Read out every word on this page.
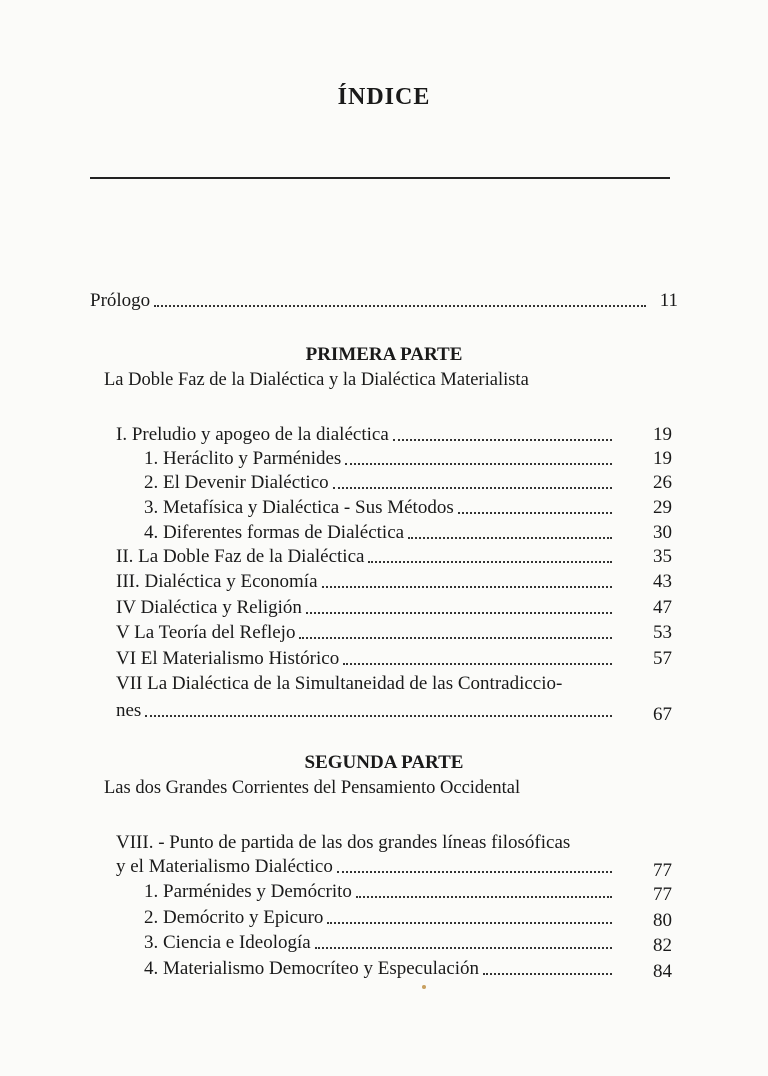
ÍNDICE
Prólogo	11
PRIMERA PARTE
La Doble Faz de la Dialéctica y la Dialéctica Materialista
I. Preludio y apogeo de la dialéctica	19
1. Heráclito y Parménides	19
2. El Devenir Dialéctico	26
3. Metafísica y Dialéctica - Sus Métodos	29
4. Diferentes formas de Dialéctica	30
II. La Doble Faz de la Dialéctica	35
III. Dialéctica y Economía	43
IV Dialéctica y Religión	47
V La Teoría del Reflejo	53
VI El Materialismo Histórico	57
VII La Dialéctica de la Simultaneidad de las Contradiccio-
nes	67
SEGUNDA PARTE
Las dos Grandes Corrientes del Pensamiento Occidental
VIII. - Punto de partida de las dos grandes líneas filosóficas
y el Materialismo Dialéctico	77
1. Parménides y Demócrito	77
2. Demócrito y Epicuro	80
3. Ciencia e Ideología	82
4. Materialismo Democríteo y Especulación	84
